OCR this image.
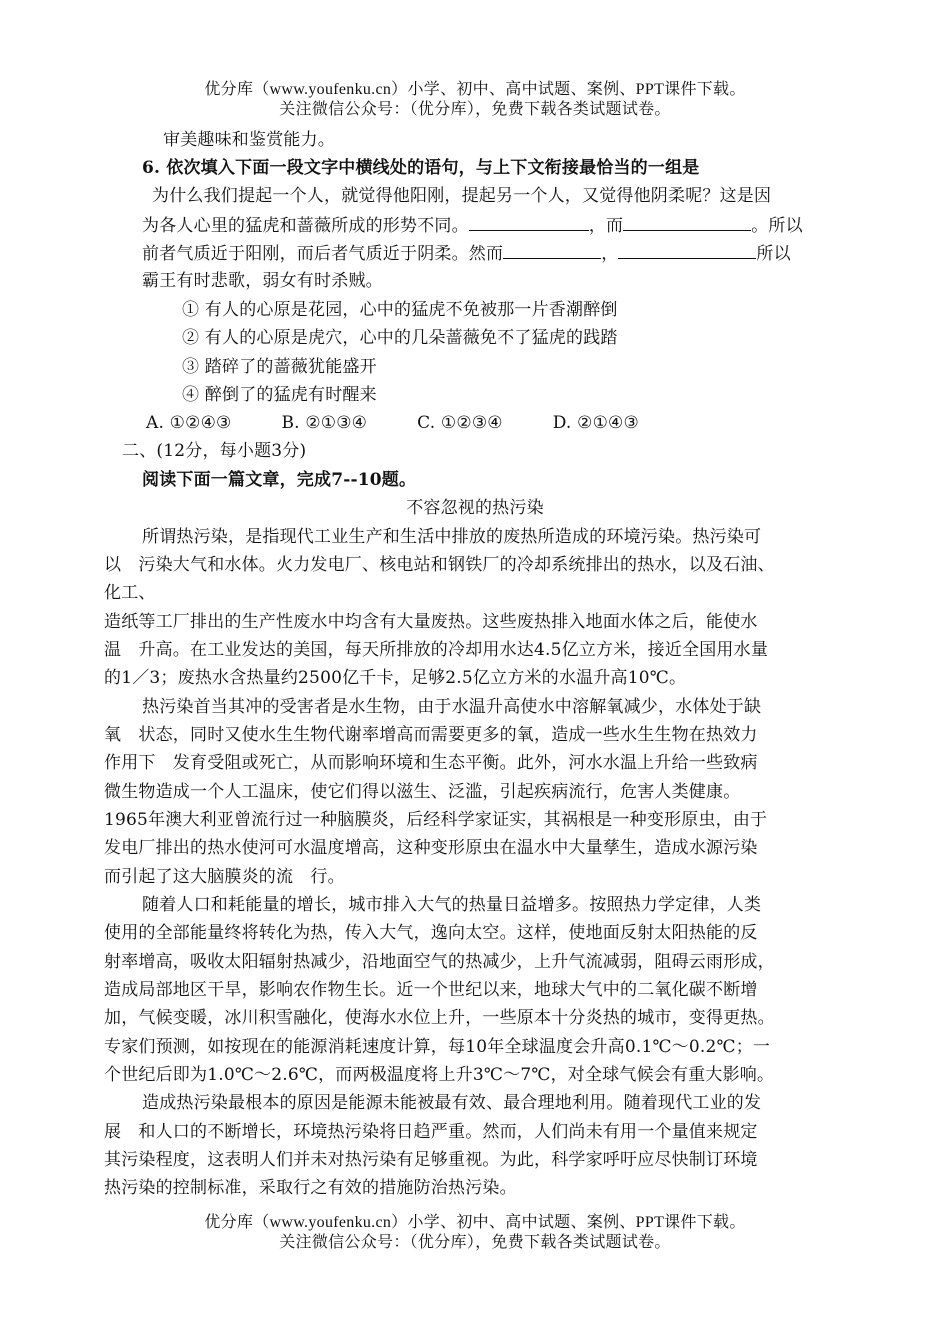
优分库（www.youfenku.cn）小学、初中、高中试题、案例、PPT课件下载。
关注微信公众号：（优分库），免费下载各类试题试卷。
审美趣味和鉴赏能力。
6. 依次填入下面一段文字中横线处的语句，与上下文衔接最恰当的一组是
为什么我们提起一个人，就觉得他阳刚，提起另一个人，又觉得他阴柔呢？这是因
为各人心里的猛虎和蔷薇所成的形势不同。	，而	。所以
前者气质近于阳刚，而后者气质近于阴柔。然而	，	所以
霸王有时悲歌，弱女有时杀贼。
① 有人的心原是花园，心中的猛虎不免被那一片香潮醉倒
② 有人的心原是虎穴，心中的几朵蔷薇免不了猛虎的践踏
③ 踏碎了的蔷薇犹能盛开
④ 醉倒了的猛虎有时醒来
A. ①②④③	B. ②①③④	C. ①②③④	D. ②①④③
二、(12分，每小题3分)
阅读下面一篇文章，完成7--10题。
不容忽视的热污染
所谓热污染，是指现代工业生产和生活中排放的废热所造成的环境污染。热污染可
以　污染大气和水体。火力发电厂、核电站和钢铁厂的冷却系统排出的热水，以及石油、
化工、
造纸等工厂排出的生产性废水中均含有大量废热。这些废热排入地面水体之后，能使水
温　升高。在工业发达的美国，每天所排放的冷却用水达4.5亿立方米，接近全国用水量
的1／3；废热水含热量约2500亿千卡，足够2.5亿立方米的水温升高10℃。
热污染首当其冲的受害者是水生物，由于水温升高使水中溶解氧减少，水体处于缺
氧　状态，同时又使水生生物代谢率增高而需要更多的氧，造成一些水生生物在热效力
作用下　发育受阻或死亡，从而影响环境和生态平衡。此外，河水水温上升给一些致病
微生物造成一个人工温床，使它们得以滋生、泛滥，引起疾病流行，危害人类健康。
1965年澳大利亚曾流行过一种脑膜炎，后经科学家证实，其祸根是一种变形原虫，由于
发电厂排出的热水使河可水温度增高，这种变形原虫在温水中大量孳生，造成水源污染
而引起了这大脑膜炎的流　行。
随着人口和耗能量的增长，城市排入大气的热量日益增多。按照热力学定律，人类
使用的全部能量终将转化为热，传入大气，逸向太空。这样，使地面反射太阳热能的反
射率增高，吸收太阳辐射热减少，沿地面空气的热减少，上升气流减弱，阻碍云雨形成，
造成局部地区干旱，影响农作物生长。近一个世纪以来，地球大气中的二氧化碳不断增
加，气候变暖，冰川积雪融化，使海水水位上升，一些原本十分炎热的城市，变得更热。
专家们预测，如按现在的能源消耗速度计算，每10年全球温度会升高0.1℃～0.2℃；一
个世纪后即为1.0℃～2.6℃，而两极温度将上升3℃～7℃，对全球气候会有重大影响。
造成热污染最根本的原因是能源未能被最有效、最合理地利用。随着现代工业的发
展　和人口的不断增长，环境热污染将日趋严重。然而，人们尚未有用一个量值来规定
其污染程度，这表明人们并未对热污染有足够重视。为此，科学家呼吁应尽快制订环境
热污染的控制标准，采取行之有效的措施防治热污染。
优分库（www.youfenku.cn）小学、初中、高中试题、案例、PPT课件下载。
关注微信公众号：（优分库），免费下载各类试题试卷。
